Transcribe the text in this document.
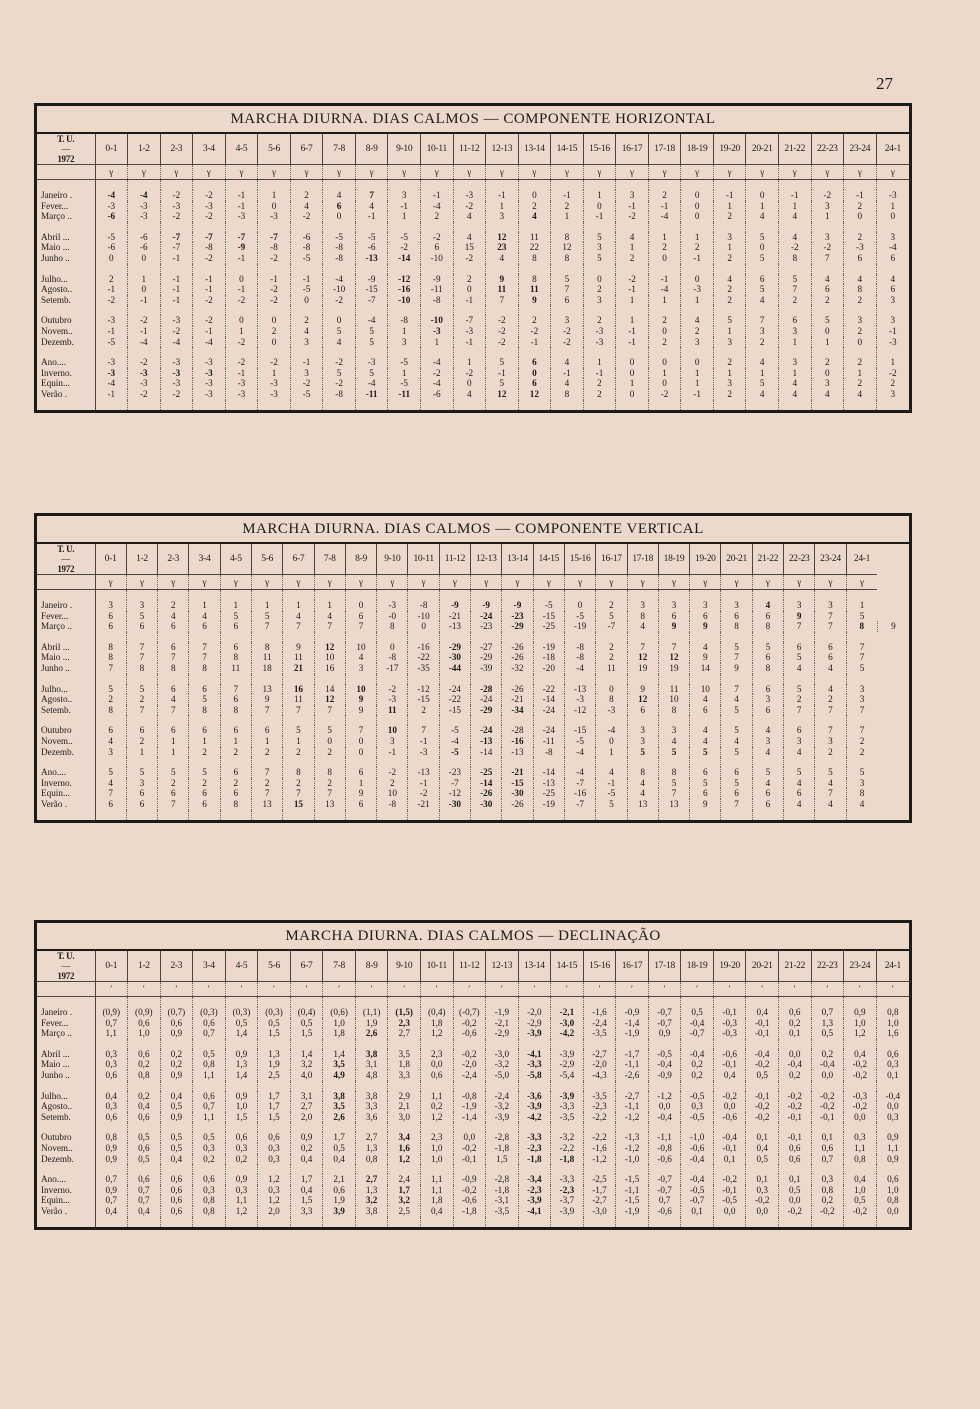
27
MARCHA DIURNA. DIAS CALMOS — COMPONENTE HORIZONTAL
T. U.
—
1972	0-1	1-2	2-3	3-4	4-5	5-6	6-7	7-8	8-9	9-10	10-11	11-12	12-13	13-14	14-15	15-16	16-17	17-18	18-19	19-20	20-21	21-22	22-23	23-24	24-1
	γ	γ	γ	γ	γ	γ	γ	γ	γ	γ	γ	γ	γ	γ	γ	γ	γ	γ	γ	γ	γ	γ	γ	γ	γ

Janeiro .	-4	-4	-2	-2	-1	1	2	4	7	3	-1	-3	-1	0	-1	1	3	2	0	-1	0	-1	-2	-1	-3
Fever...	-3	-3	-3	-3	-1	0	4	6	4	-1	-4	-2	1	2	2	0	-1	-1	0	1	1	1	3	2	1
Março ..	-6	-3	-2	-2	-3	-3	-2	0	-1	1	2	4	3	4	1	-1	-2	-4	0	2	4	4	1	0	0

Abril ...	-5	-6	-7	-7	-7	-7	-6	-5	-5	-5	-2	4	12	11	8	5	4	1	1	3	5	4	3	2	3
Maio ...	-6	-6	-7	-8	-9	-8	-8	-8	-6	-2	6	15	23	22	12	3	1	2	2	1	0	-2	-2	-3	-4
Junho ..	0	0	-1	-2	-1	-2	-5	-8	-13	-14	-10	-2	4	8	8	5	2	0	-1	2	5	8	7	6	6

Julho...	2	1	-1	-1	0	-1	-1	-4	-9	-12	-9	2	9	8	5	0	-2	-1	0	4	6	5	4	4	4
Agosto..	-1	0	-1	-1	-1	-2	-5	-10	-15	-16	-11	0	11	11	7	2	-1	-4	-3	2	5	7	6	8	6
Setemb.	-2	-1	-1	-2	-2	-2	0	-2	-7	-10	-8	-1	7	9	6	3	1	1	1	2	4	2	2	2	3

Outubro	-3	-2	-3	-2	0	0	2	0	-4	-8	-10	-7	-2	2	3	2	1	2	4	5	7	6	5	3	3
Novem..	-1	-1	-2	-1	1	2	4	5	5	1	-3	-3	-2	-2	-2	-3	-1	0	2	1	3	3	0	2	-1
Dezemb.	-5	-4	-4	-4	-2	0	3	4	5	3	1	-1	-2	-1	-2	-3	-1	2	3	3	2	1	1	0	-3

Ano....	-3	-2	-3	-3	-2	-2	-1	-2	-3	-5	-4	1	5	6	4	1	0	0	0	2	4	3	2	2	1
Inverno.	-3	-3	-3	-3	-1	1	3	5	5	1	-2	-2	-1	0	-1	-1	0	1	1	1	1	1	0	1	-2
Equin...	-4	-3	-3	-3	-3	-3	-2	-2	-4	-5	-4	0	5	6	4	2	1	0	1	3	5	4	3	2	2
Verão .	-1	-2	-2	-3	-3	-3	-5	-8	-11	-11	-6	4	12	12	8	2	0	-2	-1	2	4	4	4	4	3

MARCHA DIURNA. DIAS CALMOS — COMPONENTE VERTICAL
T. U.
—
1972	0-1	1-2	2-3	3-4	4-5	5-6	6-7	7-8	8-9	9-10	10-11	11-12	12-13	13-14	14-15	15-16	16-17	17-18	18-19	19-20	20-21	21-22	22-23	23-24	24-1	
	γ	γ	γ	γ	γ	γ	γ	γ	γ	γ	γ	γ	γ	γ	γ	γ	γ	γ	γ	γ	γ	γ	γ	γ	γ	

Janeiro .	3	3	2	1	1	1	1	1	0	-3	-8	-9	-9	-9	-5	0	2	3	3	3	3	4	3	3	1	
Fever...	6	5	4	4	5	5	4	4	6	-0	-10	-21	-24	-23	-15	-5	5	8	6	6	6	6	9	7	5	
Março ..	6	6	6	6	6	7	7	7	7	8	0	-13	-23	-29	-25	-19	-7	4	9	9	8	8	7	7	8	9

Abril ...	8	7	6	7	6	8	9	12	10	0	-16	-29	-27	-26	-19	-8	2	7	7	4	5	5	6	6	7	
Maio ...	8	7	7	7	8	11	11	10	4	-8	-22	-30	-29	-26	-18	-8	2	12	12	9	7	6	5	6	7	
Junho ..	7	8	8	8	11	18	21	16	3	-17	-35	-44	-39	-32	-20	-4	11	19	19	14	9	8	4	4	5	

Julho...	5	5	6	6	7	13	16	14	10	-2	-12	-24	-28	-26	-22	-13	0	9	11	10	7	6	5	4	3	
Agosto..	2	2	4	5	6	9	11	12	9	-3	-15	-22	-24	-21	-14	-3	8	12	10	4	4	3	2	2	3	
Setemb.	8	7	7	8	8	7	7	7	9	11	2	-15	-29	-34	-24	-12	-3	6	8	6	5	6	7	7	7	

Outubro	6	6	6	6	6	6	5	5	7	10	7	-5	-24	-28	-24	-15	-4	3	3	4	5	4	6	7	7	
Novem..	4	2	1	1	1	1	1	0	0	3	-1	-4	-13	-16	-11	-5	0	3	4	4	4	3	3	3	2	
Dezemb.	3	1	1	2	2	2	2	2	0	-1	-3	-5	-14	-13	-8	-4	1	5	5	5	5	4	4	2	2	

Ano....	5	5	5	5	6	7	8	8	6	-2	-13	-23	-25	-21	-14	-4	4	8	8	6	6	5	5	5	5	
Inverno.	4	3	2	2	2	2	2	2	1	2	-1	-7	-14	-15	-13	-7	-1	4	5	5	5	4	4	4	3	
Equin...	7	6	6	6	6	7	7	7	9	10	-2	-12	-26	-30	-25	-16	-5	4	7	6	6	6	6	7	8	
Verão .	6	6	7	6	8	13	15	13	6	-8	-21	-30	-30	-26	-19	-7	5	13	13	9	7	6	4	4	4	

MARCHA DIURNA. DIAS CALMOS — DECLINAÇÃO
T. U.
—
1972	0-1	1-2	2-3	3-4	4-5	5-6	6-7	7-8	8-9	9-10	10-11	11-12	12-13	13-14	14-15	15-16	16-17	17-18	18-19	19-20	20-21	21-22	22-23	23-24	24-1
	′	′	′	′	′	′	′	′	′	′	′	′	′	′	′	′	′	′	′	′	′	′	′	′	′

Janeiro .	(0,9)	(0,9)	(0,7)	(0,3)	(0,3)	(0,3)	(0,4)	(0,6)	(1,1)	(1,5)	(0,4)	(-0,7)	-1,9	-2,0	-2,1	-1,6	-0,9	-0,7	0,5	-0,1	0,4	0,6	0,7	0,9	0,8
Fever...	0,7	0,6	0,6	0,6	0,5	0,5	0,5	1,0	1,9	2,3	1,8	-0,2	-2,1	-2,9	-3,0	-2,4	-1,4	-0,7	-0,4	-0,3	-0,1	0,2	1,3	1,0	1,0
Março ..	1,1	1,0	0,9	0,7	1,4	1,5	1,5	1,8	2,6	2,7	1,2	-0,6	-2,9	-3,9	-4,2	-3,5	-1,9	0,9	-0,7	-0,3	-0,1	0,1	0,5	1,2	1,6

Abril ...	0,3	0,6	0,2	0,5	0,9	1,3	1,4	1,4	3,8	3,5	2,3	-0,2	-3,0	-4,1	-3,9	-2,7	-1,7	-0,5	-0,4	-0,6	-0,4	0,0	0,2	0,4	0,6
Maio ...	0,3	0,2	0,2	0,8	1,3	1,9	3,2	3,5	3,1	1,8	0,0	-2,0	-3,2	-3,3	-2,9	-2,0	-1,1	-0,4	0,2	-0,1	-0,2	-0,4	-0,4	-0,2	0,3
Junho ..	0,6	0,8	0,9	1,1	1,4	2,5	4,0	4,9	4,8	3,3	0,6	-2,4	-5,0	-5,8	-5,4	-4,3	-2,6	-0,9	0,2	0,4	0,5	0,2	0,0	-0,2	0,1

Julho...	0,4	0,2	0,4	0,6	0,9	1,7	3,1	3,8	3,8	2,9	1,1	-0,8	-2,4	-3,6	-3,9	-3,5	-2,7	-1,2	-0,5	-0,2	-0,1	-0,2	-0,2	-0,3	-0,4
Agosto..	0,3	0,4	0,5	0,7	1,0	1,7	2,7	3,5	3,3	2,1	0,2	-1,9	-3,2	-3,9	-3,3	-2,3	-1,1	0,0	0,3	0,0	-0,2	-0,2	-0,2	-0,2	0,0
Setemb.	0,6	0,6	0,9	1,1	1,5	1,5	2,0	2,6	3,6	3,0	1,2	-1,4	-3,9	-4,2	-3,5	-2,2	-1,2	-0,4	-0,5	-0,6	-0,2	-0,1	-0,1	0,0	0,3

Outubro	0,8	0,5	0,5	0,5	0,6	0,6	0,9	1,7	2,7	3,4	2,3	0,0	-2,8	-3,3	-3,2	-2,2	-1,3	-1,1	-1,0	-0,4	0,1	-0,1	0,1	0,3	0,9
Novem..	0,9	0,6	0,5	0,3	0,3	0,3	0,2	0,5	1,3	1,6	1,0	-0,2	-1,8	-2,3	-2,2	-1,6	-1,2	-0,8	-0,6	-0,1	0,4	0,6	0,6	1,1	1,1
Dezemb.	0,9	0,5	0,4	0,2	0,2	0,3	0,4	0,4	0,8	1,2	1,0	-0,1	1,5	-1,8	-1,8	-1,2	-1,0	-0,6	-0,4	0,1	0,5	0,6	0,7	0,8	0,9

Ano....	0,7	0,6	0,6	0,6	0,9	1,2	1,7	2,1	2,7	2,4	1,1	-0,9	-2,8	-3,4	-3,3	-2,5	-1,5	-0,7	-0,4	-0,2	0,1	0,1	0,3	0,4	0,6
Inverno.	0,9	0,7	0,6	0,3	0,3	0,3	0,4	0,6	1,3	1,7	1,1	-0,2	-1,8	-2,3	-2,3	-1,7	-1,1	-0,7	-0,5	-0,1	0,3	0,5	0,8	1,0	1,0
Equin...	0,7	0,7	0,6	0,8	1,1	1,2	1,5	1,9	3,2	3,2	1,8	-0,6	-3,1	-3,9	-3,7	-2,7	-1,5	0,7	-0,7	-0,5	-0,2	0,0	0,2	0,5	0,8
Verão .	0,4	0,4	0,6	0,8	1,2	2,0	3,3	3,9	3,8	2,5	0,4	-1,8	-3,5	-4,1	-3,9	-3,0	-1,9	-0,6	0,1	0,0	0,0	-0,2	-0,2	-0,2	0,0
